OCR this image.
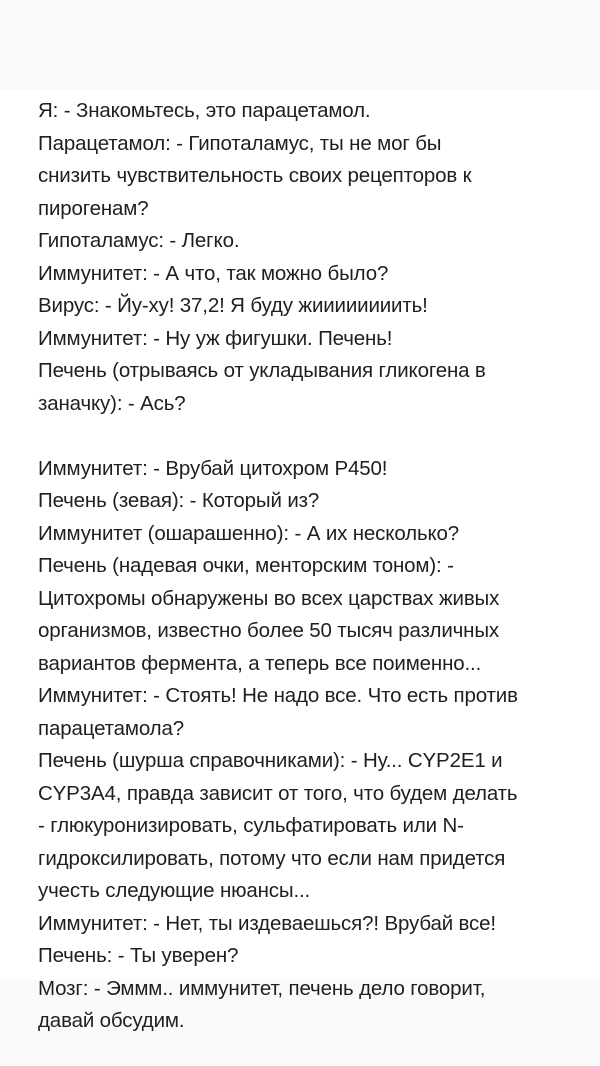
Я: - Знакомьтесь, это парацетамол.
Парацетамол: - Гипоталамус, ты не мог бы
снизить чувствительность своих рецепторов к
пирогенам?
Гипоталамус: - Легко.
Иммунитет: - А что, так можно было?
Вирус: - Йу-ху! 37,2! Я буду жиииииииить!
Иммунитет: - Ну уж фигушки. Печень!
Печень (отрываясь от укладывания гликогена в
заначку): - Ась?
Иммунитет: - Врубай цитохром Р450!
Печень (зевая): - Который из?
Иммунитет (ошарашенно): - А их несколько?
Печень (надевая очки, менторским тоном): -
Цитохромы обнаружены во всех царствах живых
организмов, известно более 50 тысяч различных
вариантов фермента, а теперь все поименно...
Иммунитет: - Стоять! Не надо все. Что есть против
парацетамола?
Печень (шурша справочниками): - Ну... CYP2E1 и
CYP3A4, правда зависит от того, что будем делать
- глюкуронизировать, сульфатировать или N-
гидроксилировать, потому что если нам придется
учесть следующие нюансы...
Иммунитет: - Нет, ты издеваешься?! Врубай все!
Печень: - Ты уверен?
Мозг: - Эммм.. иммунитет, печень дело говорит,
давай обсудим.
